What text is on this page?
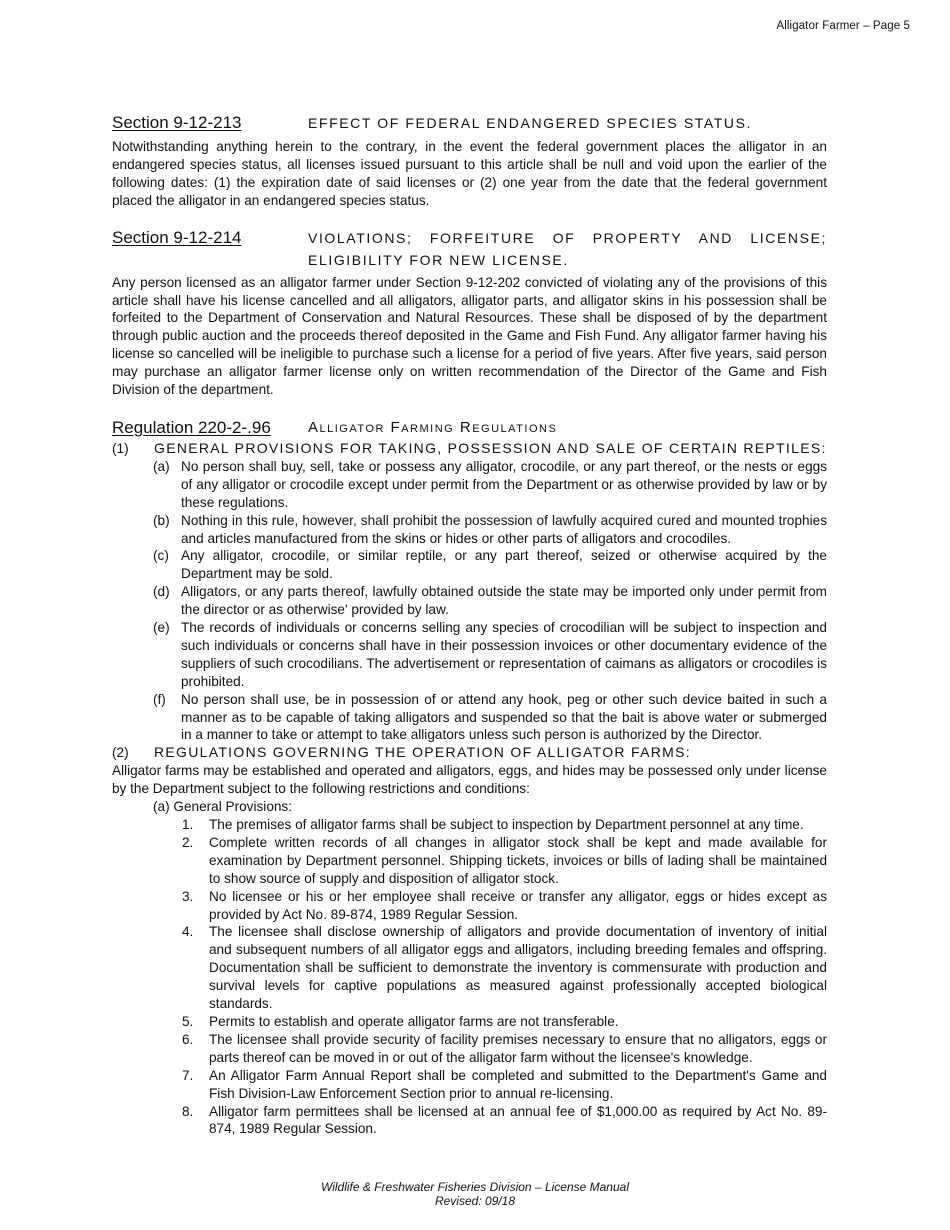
Alligator Farmer – Page 5
Section 9-12-213	EFFECT OF FEDERAL ENDANGERED SPECIES STATUS.

Notwithstanding anything herein to the contrary, in the event the federal government places the alligator in an endangered species status, all licenses issued pursuant to this article shall be null and void upon the earlier of the following dates: (1) the expiration date of said licenses or (2) one year from the date that the federal government placed the alligator in an endangered species status.

Section 9-12-214	VIOLATIONS; FORFEITURE OF PROPERTY AND LICENSE; ELIGIBILITY FOR NEW LICENSE.

Any person licensed as an alligator farmer under Section 9-12-202 convicted of violating any of the provisions of this article shall have his license cancelled and all alligators, alligator parts, and alligator skins in his possession shall be forfeited to the Department of Conservation and Natural Resources. These shall be disposed of by the department through public auction and the proceeds thereof deposited in the Game and Fish Fund. Any alligator farmer having his license so cancelled will be ineligible to purchase such a license for a period of five years. After five years, said person may purchase an alligator farmer license only on written recommendation of the Director of the Game and Fish Division of the department.

Regulation 220-2-.96	Alligator Farming Regulations
(1)	GENERAL PROVISIONS FOR TAKING, POSSESSION AND SALE OF CERTAIN REPTILES:
(a) No person shall buy, sell, take or possess any alligator, crocodile, or any part thereof, or the nests or eggs of any alligator or crocodile except under permit from the Department or as otherwise provided by law or by these regulations.
(b) Nothing in this rule, however, shall prohibit the possession of lawfully acquired cured and mounted trophies and articles manufactured from the skins or hides or other parts of alligators and crocodiles.
(c) Any alligator, crocodile, or similar reptile, or any part thereof, seized or otherwise acquired by the Department may be sold.
(d) Alligators, or any parts thereof, lawfully obtained outside the state may be imported only under permit from the director or as otherwise' provided by law.
(e) The records of individuals or concerns selling any species of crocodilian will be subject to inspection and such individuals or concerns shall have in their possession invoices or other documentary evidence of the suppliers of such crocodilians. The advertisement or representation of caimans as alligators or crocodiles is prohibited.
(f)	No person shall use, be in possession of or attend any hook, peg or other such device baited in such a manner as to be capable of taking alligators and suspended so that the bait is above water or submerged in a manner to take or attempt to take alligators unless such person is authorized by the Director.
(2)	REGULATIONS GOVERNING THE OPERATION OF ALLIGATOR FARMS:

Alligator farms may be established and operated and alligators, eggs, and hides may be possessed only under license by the Department subject to the following restrictions and conditions:

(a) General Provisions:
1.	The premises of alligator farms shall be subject to inspection by Department personnel at any time.
2.	Complete written records of all changes in alligator stock shall be kept and made available for examination by Department personnel. Shipping tickets, invoices or bills of lading shall be maintained to show source of supply and disposition of alligator stock.
3.	No licensee or his or her employee shall receive or transfer any alligator, eggs or hides except as provided by Act No. 89-874, 1989 Regular Session.
4.	The licensee shall disclose ownership of alligators and provide documentation of inventory of initial and subsequent numbers of all alligator eggs and alligators, including breeding females and offspring. Documentation shall be sufficient to demonstrate the inventory is commensurate with production and survival levels for captive populations as measured against professionally accepted biological standards.
5.	Permits to establish and operate alligator farms are not transferable.
6.	The licensee shall provide security of facility premises necessary to ensure that no alligators, eggs or parts thereof can be moved in or out of the alligator farm without the licensee's knowledge.
7.	An Alligator Farm Annual Report shall be completed and submitted to the Department's Game and Fish Division-Law Enforcement Section prior to annual re-licensing.
8.	Alligator farm permittees shall be licensed at an annual fee of $1,000.00 as required by Act No. 89-874, 1989 Regular Session.
Wildlife & Freshwater Fisheries Division – License Manual
Revised: 09/18
